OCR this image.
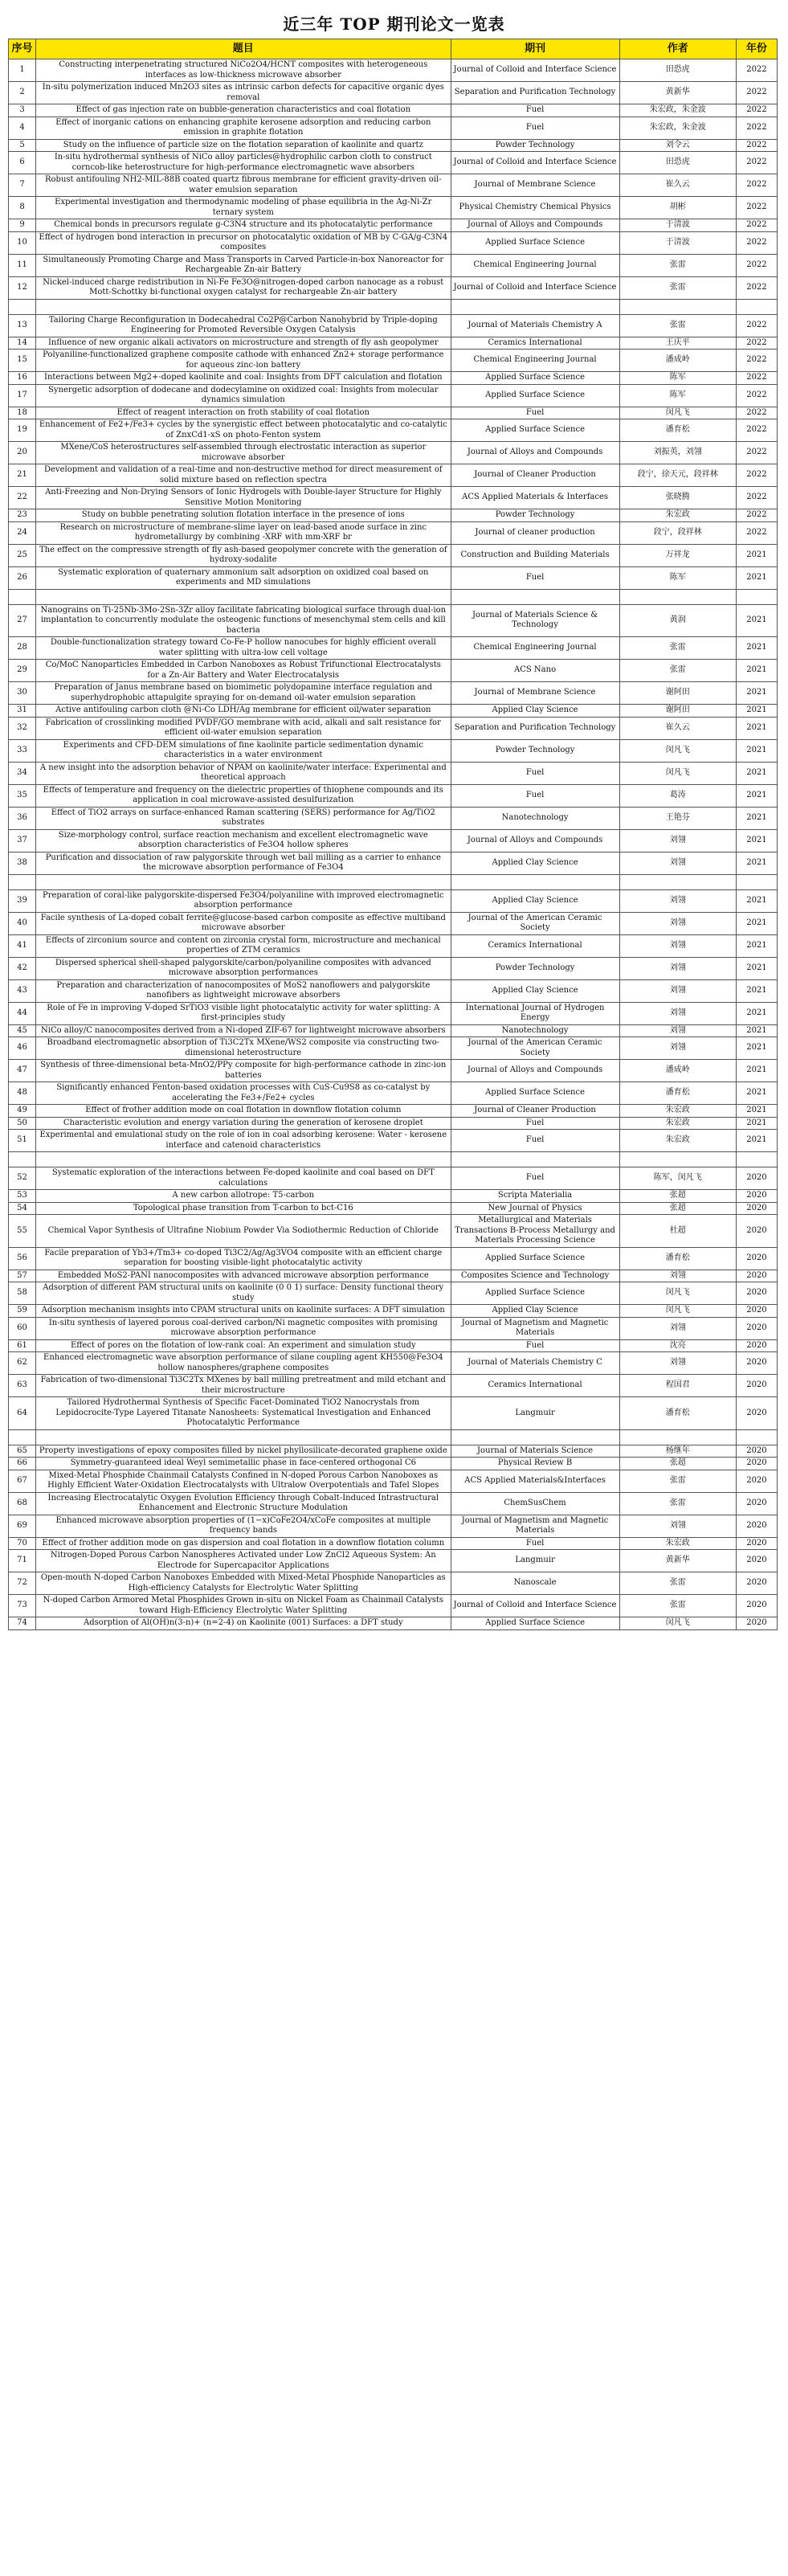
近三年 TOP 期刊论文一览表
序号	题目	期刊	作者	年份
1	Constructing interpenetrating structured NiCo2O4/HCNT composites with heterogeneous interfaces as low-thickness microwave absorber	Journal of Colloid and Interface Science	田恐虎	2022
2	In-situ polymerization induced Mn2O3 sites as intrinsic carbon defects for capacitive organic dyes removal	Separation and Purification Technology	黄新华	2022
3	Effect of gas injection rate on bubble-generation characteristics and coal flotation	Fuel	朱宏政，朱金波	2022
4	Effect of inorganic cations on enhancing graphite kerosene adsorption and reducing carbon emission in graphite flotation	Fuel	朱宏政，朱金波	2022
5	Study on the influence of particle size on the flotation separation of kaolinite and quartz	Powder Technology	刘令云	2022
6	In-situ hydrothermal synthesis of NiCo alloy particles@hydrophilic carbon cloth to construct corncob-like heterostructure for high-performance electromagnetic wave absorbers	Journal of Colloid and Interface Science	田恐虎	2022
7	Robust antifouling NH2-MIL-88B coated quartz fibrous membrane for efficient gravity-driven oil-water emulsion separation	Journal of Membrane Science	崔久云	2022
8	Experimental investigation and thermodynamic modeling of phase equilibria in the Ag-Ni-Zr ternary system	Physical Chemistry Chemical Physics	胡彬	2022
9	Chemical bonds in precursors regulate g-C3N4 structure and its photocatalytic performance	Journal of Alloys and Compounds	于清波	2022
10	Effect of hydrogen bond interaction in precursor on photocatalytic oxidation of MB by C-GA/g-C3N4 composites	Applied Surface Science	于清波	2022
11	Simultaneously Promoting Charge and Mass Transports in Carved Particle-in-box Nanoreactor for Rechargeable Zn-air Battery	Chemical Engineering Journal	张雷	2022
12	Nickel-induced charge redistribution in Ni-Fe Fe3O@nitrogen-doped carbon nanocage as a robust Mott-Schottky bi-functional oxygen catalyst for rechargeable Zn-air battery	Journal of Colloid and Interface Science	张雷	2022

13	Tailoring Charge Reconfiguration in Dodecahedral Co2P@Carbon Nanohybrid by Triple-doping Engineering for Promoted Reversible Oxygen Catalysis	Journal of Materials Chemistry A	张雷	2022
14	Influence of new organic alkali activators on microstructure and strength of fly ash geopolymer	Ceramics International	王庆平	2022
15	Polyaniline-functionalized graphene composite cathode with enhanced Zn2+ storage performance for aqueous zinc-ion battery	Chemical Engineering Journal	潘成岭	2022
16	Interactions between Mg2+-doped kaolinite and coal: Insights from DFT calculation and flotation	Applied Surface Science	陈军	2022
17	Synergetic adsorption of dodecane and dodecylamine on oxidized coal: Insights from molecular dynamics simulation	Applied Surface Science	陈军	2022
18	Effect of reagent interaction on froth stability of coal flotation	Fuel	闵凡飞	2022
19	Enhancement of Fe2+/Fe3+ cycles by the synergistic effect between photocatalytic and co-catalytic of ZnxCd1-xS on photo-Fenton system	Applied Surface Science	潘育松	2022
20	MXene/CoS heterostructures self-assembled through electrostatic interaction as superior microwave absorber	Journal of Alloys and Compounds	刘振英，刘翎	2022
21	Development and validation of a real-time and non-destructive method for direct measurement of solid mixture based on reflection spectra	Journal of Cleaner Production	段宁，徐天元，段祥林	2022
22	Anti-Freezing and Non-Drying Sensors of Ionic Hydrogels with Double-layer Structure for Highly Sensitive Motion Monitoring	ACS Applied Materials & Interfaces	张晓腾	2022
23	Study on bubble penetrating solution flotation interface in the presence of ions	Powder Technology	朱宏政	2022
24	Research on microstructure of membrane-slime layer on lead-based anode surface in zinc hydrometallurgy by combining -XRF with mm-XRF br	Journal of cleaner production	段宁，段祥林	2022
25	The effect on the compressive strength of fly ash-based geopolymer concrete with the generation of hydroxy-sodalite	Construction and Building Materials	万祥龙	2021
26	Systematic exploration of quaternary ammonium salt adsorption on oxidized coal based on experiments and MD simulations	Fuel	陈军	2021

27	Nanograins on Ti-25Nb-3Mo-2Sn-3Zr alloy facilitate fabricating biological surface through dual-ion implantation to concurrently modulate the osteogenic functions of mesenchymal stem cells and kill bacteria	Journal of Materials Science & Technology	黄润	2021
28	Double-functionalization strategy toward Co-Fe-P hollow nanocubes for highly efficient overall water splitting with ultra-low cell voltage	Chemical Engineering Journal	张雷	2021
29	Co/MoC Nanoparticles Embedded in Carbon Nanoboxes as Robust Trifunctional Electrocatalysts for a Zn-Air Battery and Water Electrocatalysis	ACS Nano	张雷	2021
30	Preparation of Janus membrane based on biomimetic polydopamine interface regulation and superhydrophobic attapulgite spraying for on-demand oil-water emulsion separation	Journal of Membrane Science	谢阿田	2021
31	Active antifouling carbon cloth @Ni-Co LDH/Ag membrane for efficient oil/water separation	Applied Clay Science	谢阿田	2021
32	Fabrication of crosslinking modified PVDF/GO membrane with acid, alkali and salt resistance for efficient oil-water emulsion separation	Separation and Purification Technology	崔久云	2021
33	Experiments and CFD-DEM simulations of fine kaolinite particle sedimentation dynamic characteristics in a water environment	Powder Technology	闵凡飞	2021
34	A new insight into the adsorption behavior of NPAM on kaolinite/water interface: Experimental and theoretical approach	Fuel	闵凡飞	2021
35	Effects of temperature and frequency on the dielectric properties of thiophene compounds and its application in coal microwave-assisted desulfurization	Fuel	葛涛	2021
36	Effect of TiO2 arrays on surface-enhanced Raman scattering (SERS) performance for Ag/TiO2 substrates	Nanotechnology	王艳芬	2021
37	Size-morphology control, surface reaction mechanism and excellent electromagnetic wave absorption characteristics of Fe3O4 hollow spheres	Journal of Alloys and Compounds	刘翎	2021
38	Purification and dissociation of raw palygorskite through wet ball milling as a carrier to enhance the microwave absorption performance of Fe3O4	Applied Clay Science	刘翎	2021

39	Preparation of coral-like palygorskite-dispersed Fe3O4/polyaniline with improved electromagnetic absorption performance	Applied Clay Science	刘翎	2021
40	Facile synthesis of La-doped cobalt ferrite@glucose-based carbon composite as effective multiband microwave absorber	Journal of the American Ceramic Society	刘翎	2021
41	Effects of zirconium source and content on zirconia crystal form, microstructure and mechanical properties of ZTM ceramics	Ceramics International	刘翎	2021
42	Dispersed spherical shell-shaped palygorskite/carbon/polyaniline composites with advanced microwave absorption performances	Powder Technology	刘翎	2021
43	Preparation and characterization of nanocomposites of MoS2 nanoflowers and palygorskite nanofibers as lightweight microwave absorbers	Applied Clay Science	刘翎	2021
44	Role of Fe in improving V-doped SrTiO3 visible light photocatalytic activity for water splitting: A first-principles study	International Journal of Hydrogen Energy	刘翎	2021
45	NiCo alloy/C nanocomposites derived from a Ni-doped ZIF-67 for lightweight microwave absorbers	Nanotechnology	刘翎	2021
46	Broadband electromagnetic absorption of Ti3C2Tx MXene/WS2 composite via constructing two-dimensional heterostructure	Journal of the American Ceramic Society	刘翎	2021
47	Synthesis of three-dimensional beta-MnO2/PPy composite for high-performance cathode in zinc-ion batteries	Journal of Alloys and Compounds	潘成岭	2021
48	Significantly enhanced Fenton-based oxidation processes with CuS-Cu9S8 as co-catalyst by accelerating the Fe3+/Fe2+ cycles	Applied Surface Science	潘育松	2021
49	Effect of frother addition mode on coal flotation in downflow flotation column	Journal of Cleaner Production	朱宏政	2021
50	Characteristic evolution and energy variation during the generation of kerosene droplet	Fuel	朱宏政	2021
51	Experimental and emulational study on the role of ion in coal adsorbing kerosene: Water - kerosene interface and catenoid characteristics	Fuel	朱宏政	2021

52	Systematic exploration of the interactions between Fe-doped kaolinite and coal based on DFT calculations	Fuel	陈军，闵凡飞	2020
53	A new carbon allotrope: T5-carbon	Scripta Materialia	张超	2020
54	Topological phase transition from T-carbon to bct-C16	New Journal of Physics	张超	2020
55	Chemical Vapor Synthesis of Ultrafine Niobium Powder Via Sodiothermic Reduction of Chloride	Metallurgical and Materials Transactions B-Process Metallurgy and Materials Processing Science	杜超	2020
56	Facile preparation of Yb3+/Tm3+ co-doped Ti3C2/Ag/Ag3VO4 composite with an efficient charge separation for boosting visible-light photocatalytic activity	Applied Surface Science	潘育松	2020
57	Embedded MoS2-PANI nanocomposites with advanced microwave absorption performance	Composites Science and Technology	刘翎	2020
58	Adsorption of different PAM structural units on kaolinite (0 0 1) surface: Density functional theory study	Applied Surface Science	闵凡飞	2020
59	Adsorption mechanism insights into CPAM structural units on kaolinite surfaces: A DFT simulation	Applied Clay Science	闵凡飞	2020
60	In-situ synthesis of layered porous coal-derived carbon/Ni magnetic composites with promising microwave absorption performance	Journal of Magnetism and Magnetic Materials	刘翎	2020
61	Effect of pores on the flotation of low-rank coal: An experiment and simulation study	Fuel	沈亮	2020
62	Enhanced electromagnetic wave absorption performance of silane coupling agent KH550@Fe3O4 hollow nanospheres/graphene composites	Journal of Materials Chemistry C	刘翎	2020
63	Fabrication of two-dimensional Ti3C2Tx MXenes by ball milling pretreatment and mild etchant and their microstructure	Ceramics International	程国君	2020
64	Tailored Hydrothermal Synthesis of Specific Facet-Dominated TiO2 Nanocrystals from Lepidocrocite-Type Layered Titanate Nanosheets: Systematical Investigation and Enhanced Photocatalytic Performance	Langmuir	潘育松	2020

65	Property investigations of epoxy composites filled by nickel phyllosilicate-decorated graphene oxide	Journal of Materials Science	杨继年	2020
66	Symmetry-guaranteed ideal Weyl semimetallic phase in face-centered orthogonal C6	Physical Review B	张超	2020
67	Mixed-Metal Phosphide Chainmail Catalysts Confined in N-doped Porous Carbon Nanoboxes as Highly Efficient Water-Oxidation Electrocatalysts with Ultralow Overpotentials and Tafel Slopes	ACS Applied Materials&Interfaces	张雷	2020
68	Increasing Electrocatalytic Oxygen Evolution Efficiency through Cobalt-Induced Intrastructural Enhancement and Electronic Structure Modulation	ChemSusChem	张雷	2020
69	Enhanced microwave absorption properties of (1−x)CoFe2O4/xCoFe composites at multiple frequency bands	Journal of Magnetism and Magnetic Materials	刘翎	2020
70	Effect of frother addition mode on gas dispersion and coal flotation in a downflow flotation column	Fuel	朱宏政	2020
71	Nitrogen-Doped Porous Carbon Nanospheres Activated under Low ZnCl2 Aqueous System: An Electrode for Supercapacitor Applications	Langmuir	黄新华	2020
72	Open-mouth N-doped Carbon Nanoboxes Embedded with Mixed-Metal Phosphide Nanoparticles as High-efficiency Catalysts for Electrolytic Water Splitting	Nanoscale	张雷	2020
73	N-doped Carbon Armored Metal Phosphides Grown in-situ on Nickel Foam as Chainmail Catalysts toward High-Efficiency Electrolytic Water Splitting	Journal of Colloid and Interface Science	张雷	2020
74	Adsorption of Al(OH)n(3-n)+ (n=2-4) on Kaolinite (001) Surfaces: a DFT study	Applied Surface Science	闵凡飞	2020
